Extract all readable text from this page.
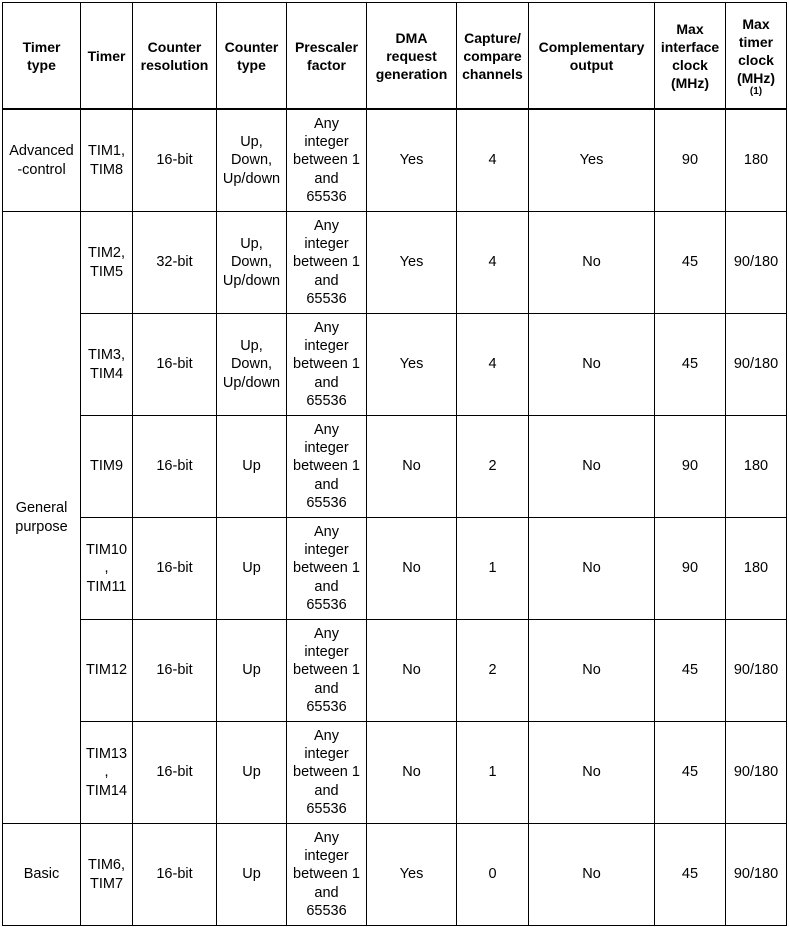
Timer
type	Timer	Counter
resolution	Counter
type	Prescaler
factor	DMA
request
generation	Capture/
compare
channels	Complementary
output	Max
interface
clock
(MHz)	Max
timer
clock
(MHz)
(1)

Advanced
-control	TIM1,
TIM8	16-bit	Up,
Down,
Up/down	Any
integer
between 1
and
65536	Yes	4	Yes	90	180
General
purpose	TIM2,
TIM5	32-bit	Up,
Down,
Up/down	Any
integer
between 1
and
65536	Yes	4	No	45	90/180
	TIM3,
TIM4	16-bit	Up,
Down,
Up/down	Any
integer
between 1
and
65536	Yes	4	No	45	90/180
	TIM9	16-bit	Up	Any
integer
between 1
and
65536	No	2	No	90	180
	TIM10
,
TIM11	16-bit	Up	Any
integer
between 1
and
65536	No	1	No	90	180
	TIM12	16-bit	Up	Any
integer
between 1
and
65536	No	2	No	45	90/180
	TIM13
,
TIM14	16-bit	Up	Any
integer
between 1
and
65536	No	1	No	45	90/180
Basic	TIM6,
TIM7	16-bit	Up	Any
integer
between 1
and
65536	Yes	0	No	45	90/180
